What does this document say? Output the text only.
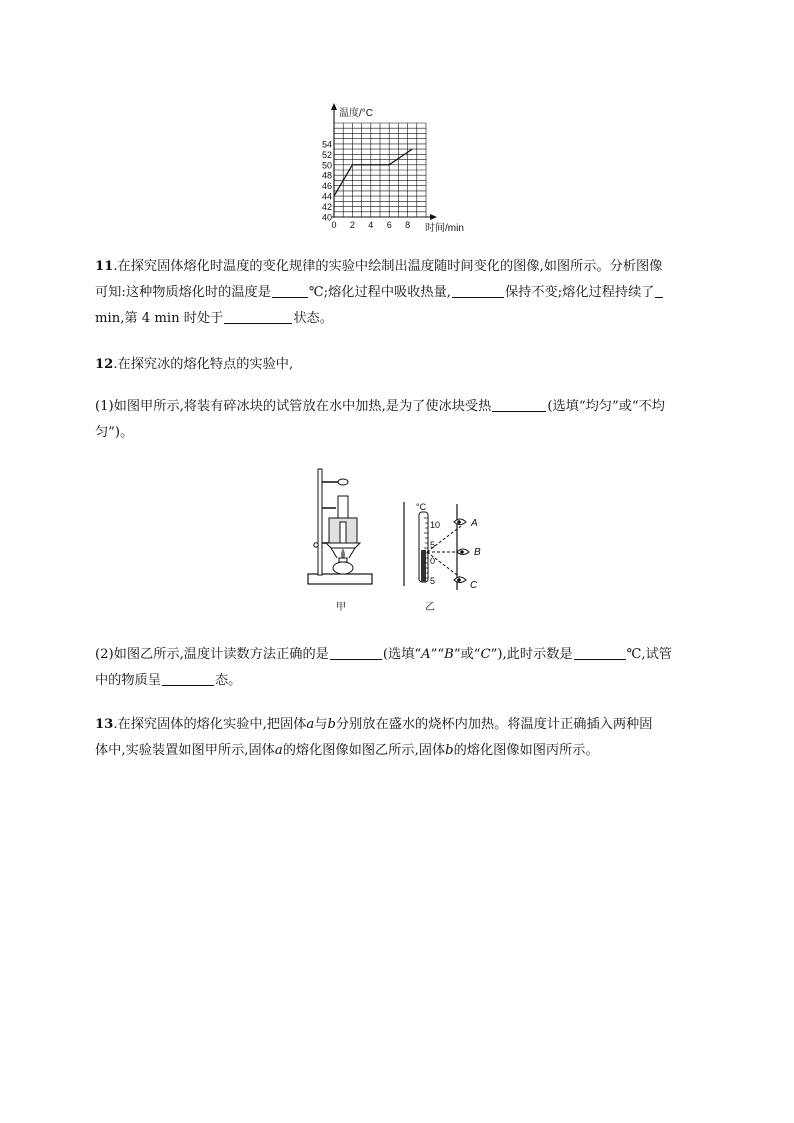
温度/°C
时间/min
40
42
44
46
48
50
52
54
0 2 4 6 8
11.在探究固体熔化时温度的变化规律的实验中绘制出温度随时间变化的图像,如图所示。分析图像
可知:这种物质熔化时的温度是	℃;熔化过程中吸收热量,	保持不变;熔化过程持续了
min,第 4 min 时处于	状态。
12.在探究冰的熔化特点的实验中,
(1)如图甲所示,将装有碎冰块的试管放在水中加热,是为了使冰块受热	(选填“均匀”或“不均
匀”)。
甲
°C
10
5
0
5
A
B
C
乙
(2)如图乙所示,温度计读数方法正确的是	(选填“A”“B”或“C”),此时示数是	℃,试管
中的物质呈	态。
13.在探究固体的熔化实验中,把固体a与b分别放在盛水的烧杯内加热。将温度计正确插入两种固
体中,实验装置如图甲所示,固体a的熔化图像如图乙所示,固体b的熔化图像如图丙所示。
